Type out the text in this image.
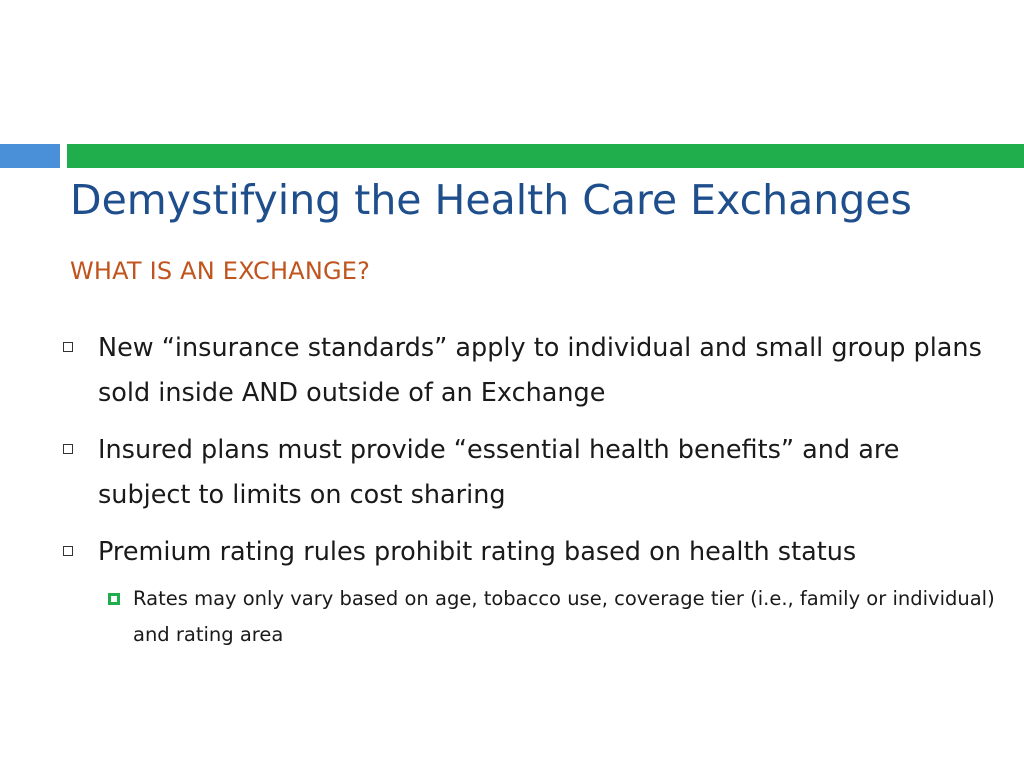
Demystifying the Health Care Exchanges
WHAT IS AN EXCHANGE?
New “insurance standards” apply to individual and small group plans sold inside AND outside of an Exchange
Insured plans must provide “essential health benefits” and are subject to limits on cost sharing
Premium rating rules prohibit rating based on health status
Rates may only vary based on age, tobacco use, coverage tier (i.e., family or individual) and rating area
